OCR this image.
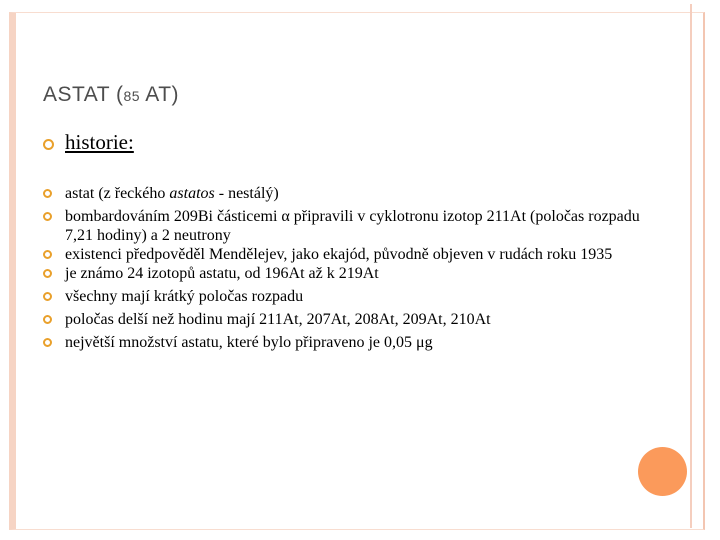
ASTAT (85 AT)
historie:
astat (z řeckého astatos - nestálý)
bombardováním 209Bi částicemi α připravili v cyklotronu izotop 211At (poločas rozpadu 7,21 hodiny) a 2 neutrony
existenci předpověděl Mendělejev, jako ekajód, původně objeven v rudách roku 1935
je známo 24 izotopů astatu, od 196At až k 219At
všechny mají krátký poločas rozpadu
poločas delší než hodinu mají 211At, 207At, 208At, 209At, 210At
největší množství astatu, které bylo připraveno je 0,05 μg
